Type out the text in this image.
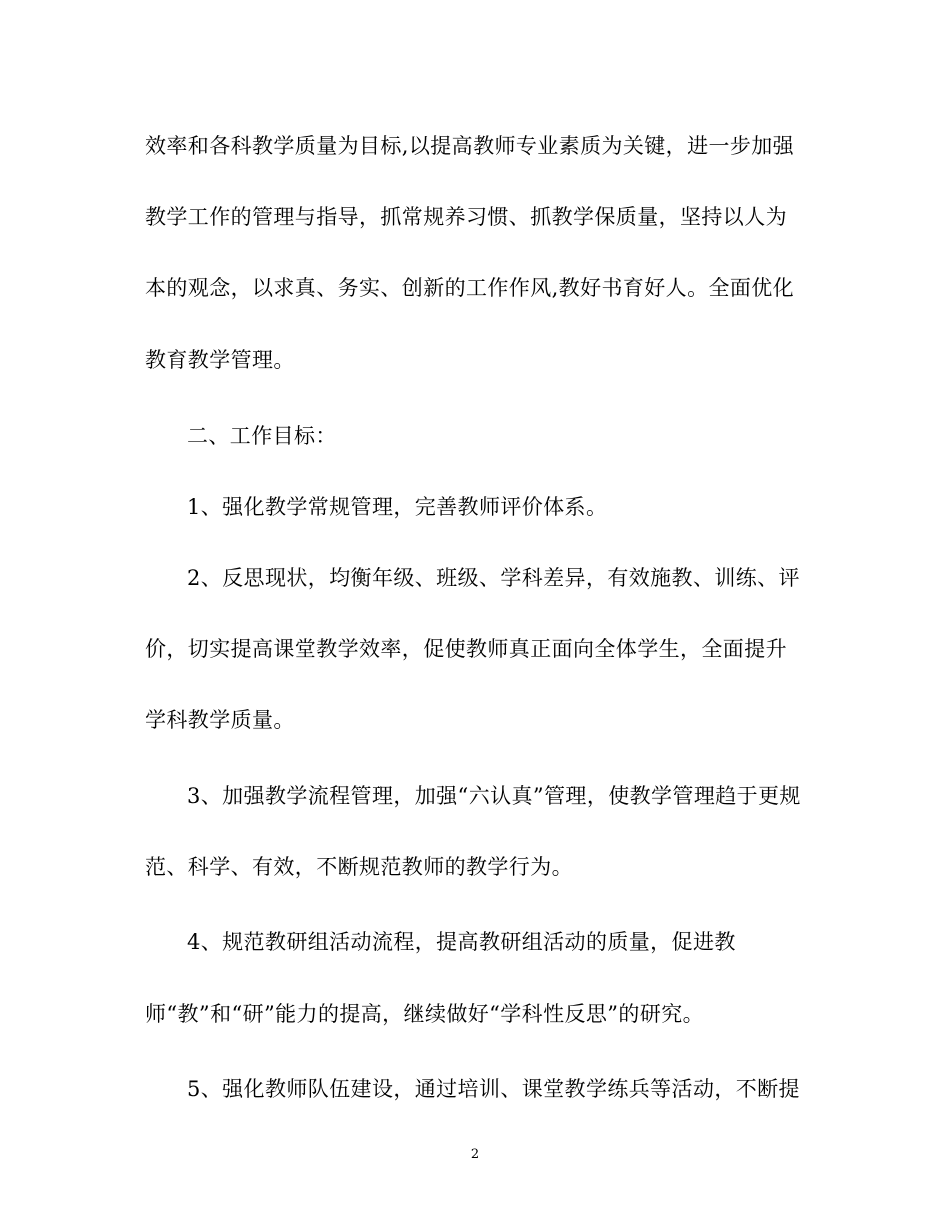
效率和各科教学质量为目标,以提高教师专业素质为关键，进一步加强
教学工作的管理与指导，抓常规养习惯、抓教学保质量，坚持以人为
本的观念，以求真、务实、创新的工作作风,教好书育好人。全面优化
教育教学管理。
二、工作目标：
1、强化教学常规管理，完善教师评价体系。
2、反思现状，均衡年级、班级、学科差异，有效施教、训练、评
价，切实提高课堂教学效率，促使教师真正面向全体学生，全面提升
学科教学质量。
3、加强教学流程管理，加强“六认真”管理，使教学管理趋于更规
范、科学、有效，不断规范教师的教学行为。
4、规范教研组活动流程，提高教研组活动的质量，促进教
师“教”和“研”能力的提高，继续做好“学科性反思”的研究。
5、强化教师队伍建设，通过培训、课堂教学练兵等活动，不断提
2
